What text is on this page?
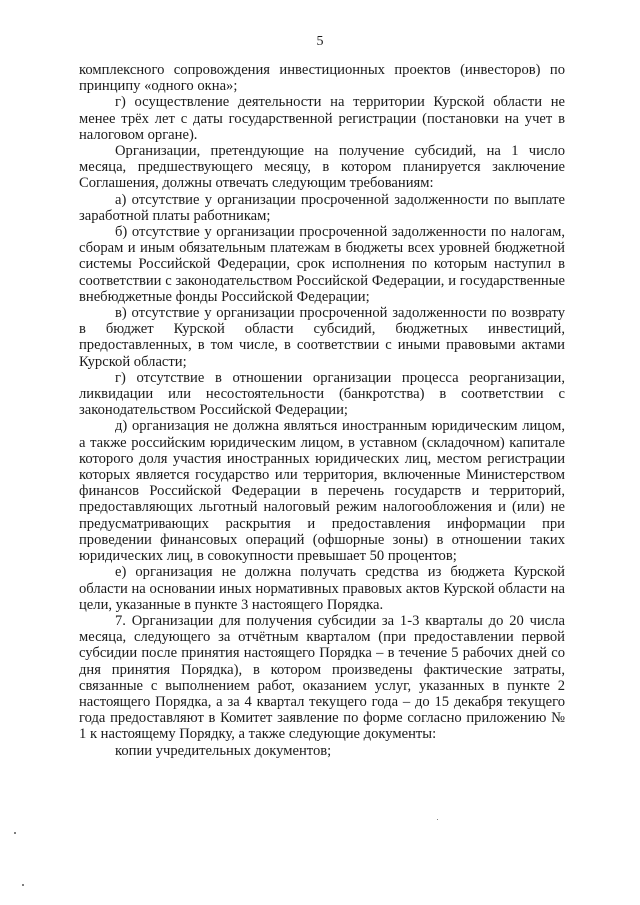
5

комплексного сопровождения инвестиционных проектов (инвесторов) по принципу «одного окна»;

г) осуществление деятельности на территории Курской области не менее трёх лет с даты государственной регистрации (постановки на учет в налоговом органе).

Организации, претендующие на получение субсидий, на 1 число месяца, предшествующего месяцу, в котором планируется заключение Соглашения, должны отвечать следующим требованиям:

а) отсутствие у организации просроченной задолженности по выплате заработной платы работникам;

б) отсутствие у организации просроченной задолженности по налогам, сборам и иным обязательным платежам в бюджеты всех уровней бюджетной системы Российской Федерации, срок исполнения по которым наступил в соответствии с законодательством Российской Федерации, и государственные внебюджетные фонды Российской Федерации;

в) отсутствие у организации просроченной задолженности по возврату в бюджет Курской области субсидий, бюджетных инвестиций, предоставленных, в том числе, в соответствии с иными правовыми актами Курской области;

г) отсутствие в отношении организации процесса реорганизации, ликвидации или несостоятельности (банкротства) в соответствии с законодательством Российской Федерации;

д) организация не должна являться иностранным юридическим лицом, а также российским юридическим лицом, в уставном (складочном) капитале которого доля участия иностранных юридических лиц, местом регистрации которых является государство или территория, включенные Министерством финансов Российской Федерации в перечень государств и территорий, предоставляющих льготный налоговый режим налогообложения и (или) не предусматривающих раскрытия и предоставления информации при проведении финансовых операций (офшорные зоны) в отношении таких юридических лиц, в совокупности превышает 50 процентов;

е) организация не должна получать средства из бюджета Курской области на основании иных нормативных правовых актов Курской области на цели, указанные в пункте 3 настоящего Порядка.

7. Организации для получения субсидии за 1-3 кварталы до 20 числа месяца, следующего за отчётным кварталом (при предоставлении первой субсидии после принятия настоящего Порядка – в течение 5 рабочих дней со дня принятия Порядка), в котором произведены фактические затраты, связанные с выполнением работ, оказанием услуг, указанных в пункте 2 настоящего Порядка, а за 4 квартал текущего года – до 15 декабря текущего года предоставляют в Комитет заявление по форме согласно приложению № 1 к настоящему Порядку, а также следующие документы:

копии учредительных документов;
